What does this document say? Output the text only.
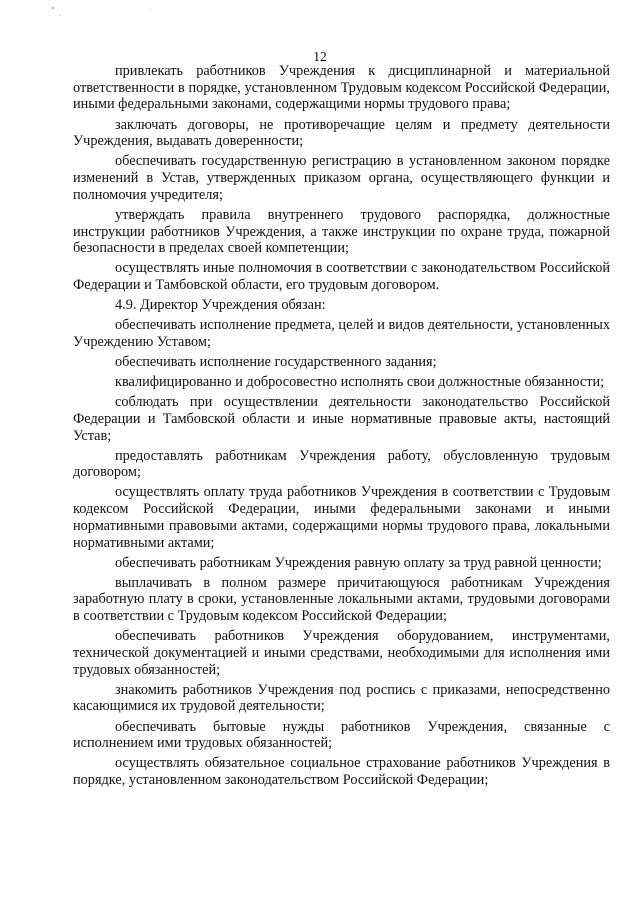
12

привлекать работников Учреждения к дисциплинарной и материальной ответственности в порядке, установленном Трудовым кодексом Российской Федерации, иными федеральными законами, содержащими нормы трудового права;

заключать договоры, не противоречащие целям и предмету деятельности Учреждения, выдавать доверенности;

обеспечивать государственную регистрацию в установленном законом порядке изменений в Устав, утвержденных приказом органа, осуществляющего функции и полномочия учредителя;

утверждать правила внутреннего трудового распорядка, должностные инструкции работников Учреждения, а также инструкции по охране труда, пожарной безопасности в пределах своей компетенции;

осуществлять иные полномочия в соответствии с законодательством Российской Федерации и Тамбовской области, его трудовым договором.

4.9. Директор Учреждения обязан:

обеспечивать исполнение предмета, целей и видов деятельности, установленных Учреждению Уставом;

обеспечивать исполнение государственного задания;

квалифицированно и добросовестно исполнять свои должностные обязанности;

соблюдать при осуществлении деятельности законодательство Российской Федерации и Тамбовской области и иные нормативные правовые акты, настоящий Устав;

предоставлять работникам Учреждения работу, обусловленную трудовым договором;

осуществлять оплату труда работников Учреждения в соответствии с Трудовым кодексом Российской Федерации, иными федеральными законами и иными нормативными правовыми актами, содержащими нормы трудового права, локальными нормативными актами;

обеспечивать работникам Учреждения равную оплату за труд равной ценности;

выплачивать в полном размере причитающуюся работникам Учреждения заработную плату в сроки, установленные локальными актами, трудовыми договорами в соответствии с Трудовым кодексом Российской Федерации;

обеспечивать работников Учреждения оборудованием, инструментами, технической документацией и иными средствами, необходимыми для исполнения ими трудовых обязанностей;

знакомить работников Учреждения под роспись с приказами, непосредственно касающимися их трудовой деятельности;

обеспечивать бытовые нужды работников Учреждения, связанные с исполнением ими трудовых обязанностей;

осуществлять обязательное социальное страхование работников Учреждения в порядке, установленном законодательством Российской Федерации;
